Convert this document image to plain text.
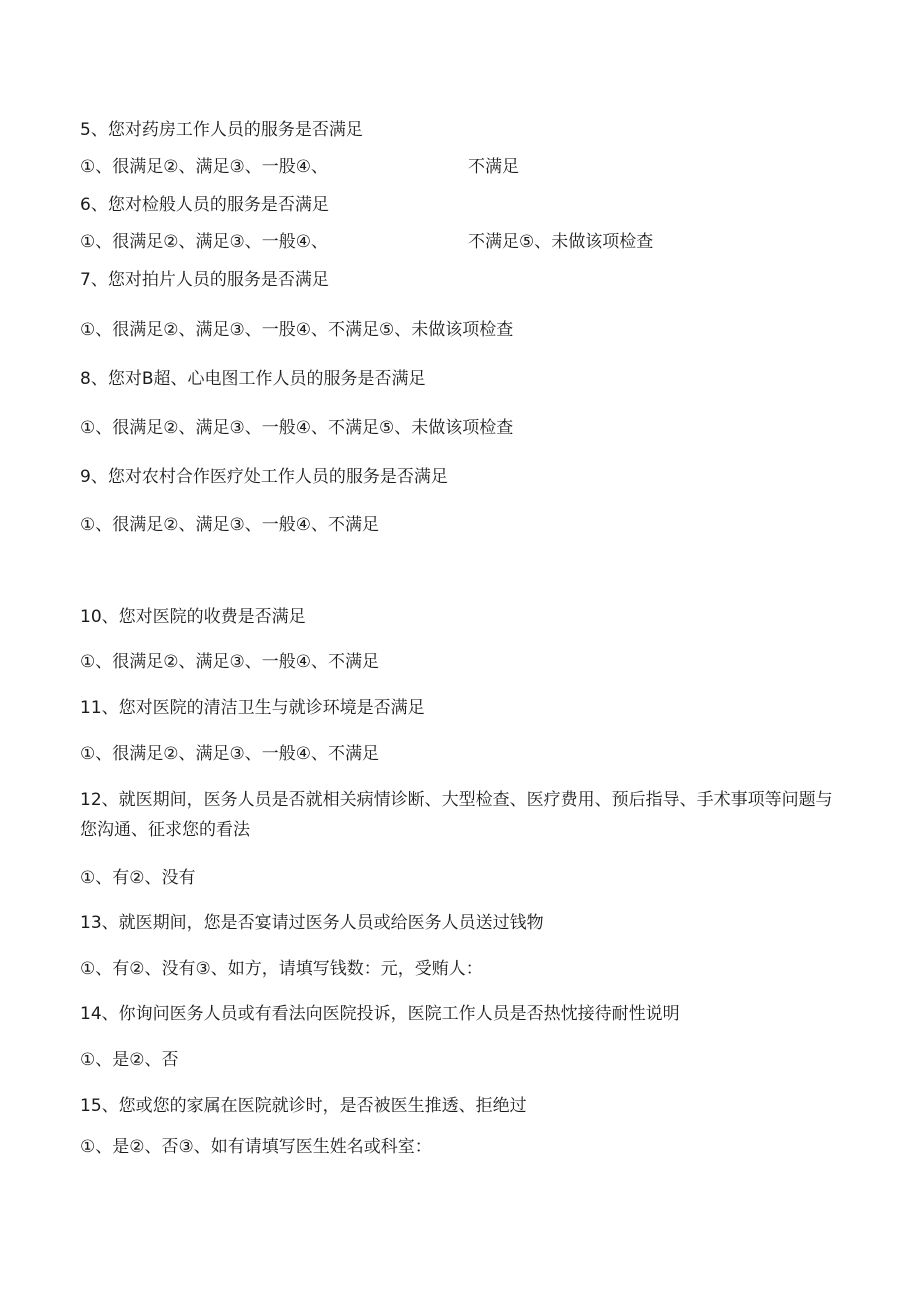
5、您对药房工作人员的服务是否满足
①、很满足②、满足③、一股④、	不满足
6、您对检般人员的服务是否满足
①、很满足②、满足③、一般④、	不满足⑤、未做该项检查
7、您对拍片人员的服务是否满足
①、很满足②、满足③、一股④、不满足⑤、未做该项检查
8、您对B超、心电图工作人员的服务是否满足
①、很满足②、满足③、一般④、不满足⑤、未做该项检查
9、您对农村合作医疗处工作人员的服务是否满足
①、很满足②、满足③、一般④、不满足
10、您对医院的收费是否满足
①、很满足②、满足③、一般④、不满足
11、您对医院的清洁卫生与就诊环境是否满足
①、很满足②、满足③、一般④、不满足
12、就医期间，医务人员是否就相关病情诊断、大型检查、医疗费用、预后指导、手术事项等问题与您沟通、征求您的看法
①、有②、没有
13、就医期间，您是否宴请过医务人员或给医务人员送过钱物
①、有②、没有③、如方，请填写钱数：元，受贿人：
14、你询问医务人员或有看法向医院投诉，医院工作人员是否热忱接待耐性说明
①、是②、否
15、您或您的家属在医院就诊时，是否被医生推透、拒绝过
①、是②、否③、如有请填写医生姓名或科室：
